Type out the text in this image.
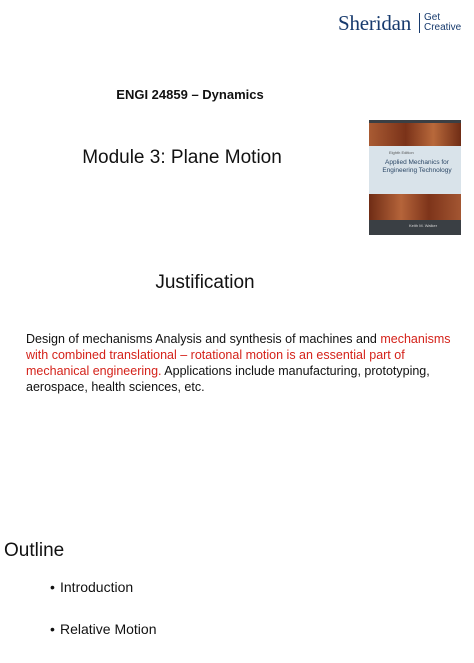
Sheridan Get
Creative
ENGI 24859 – Dynamics
Module 3: Plane Motion	Eighth Edition
Applied Mechanics for
Engineering Technology
Keith M. Walker
Justification

Design of mechanisms Analysis and synthesis of machines and mechanisms with combined translational – rotational motion is an essential part of mechanical engineering. Applications include manufacturing, prototyping, aerospace, health sciences, etc.

Outline
• Introduction
• Relative Motion
